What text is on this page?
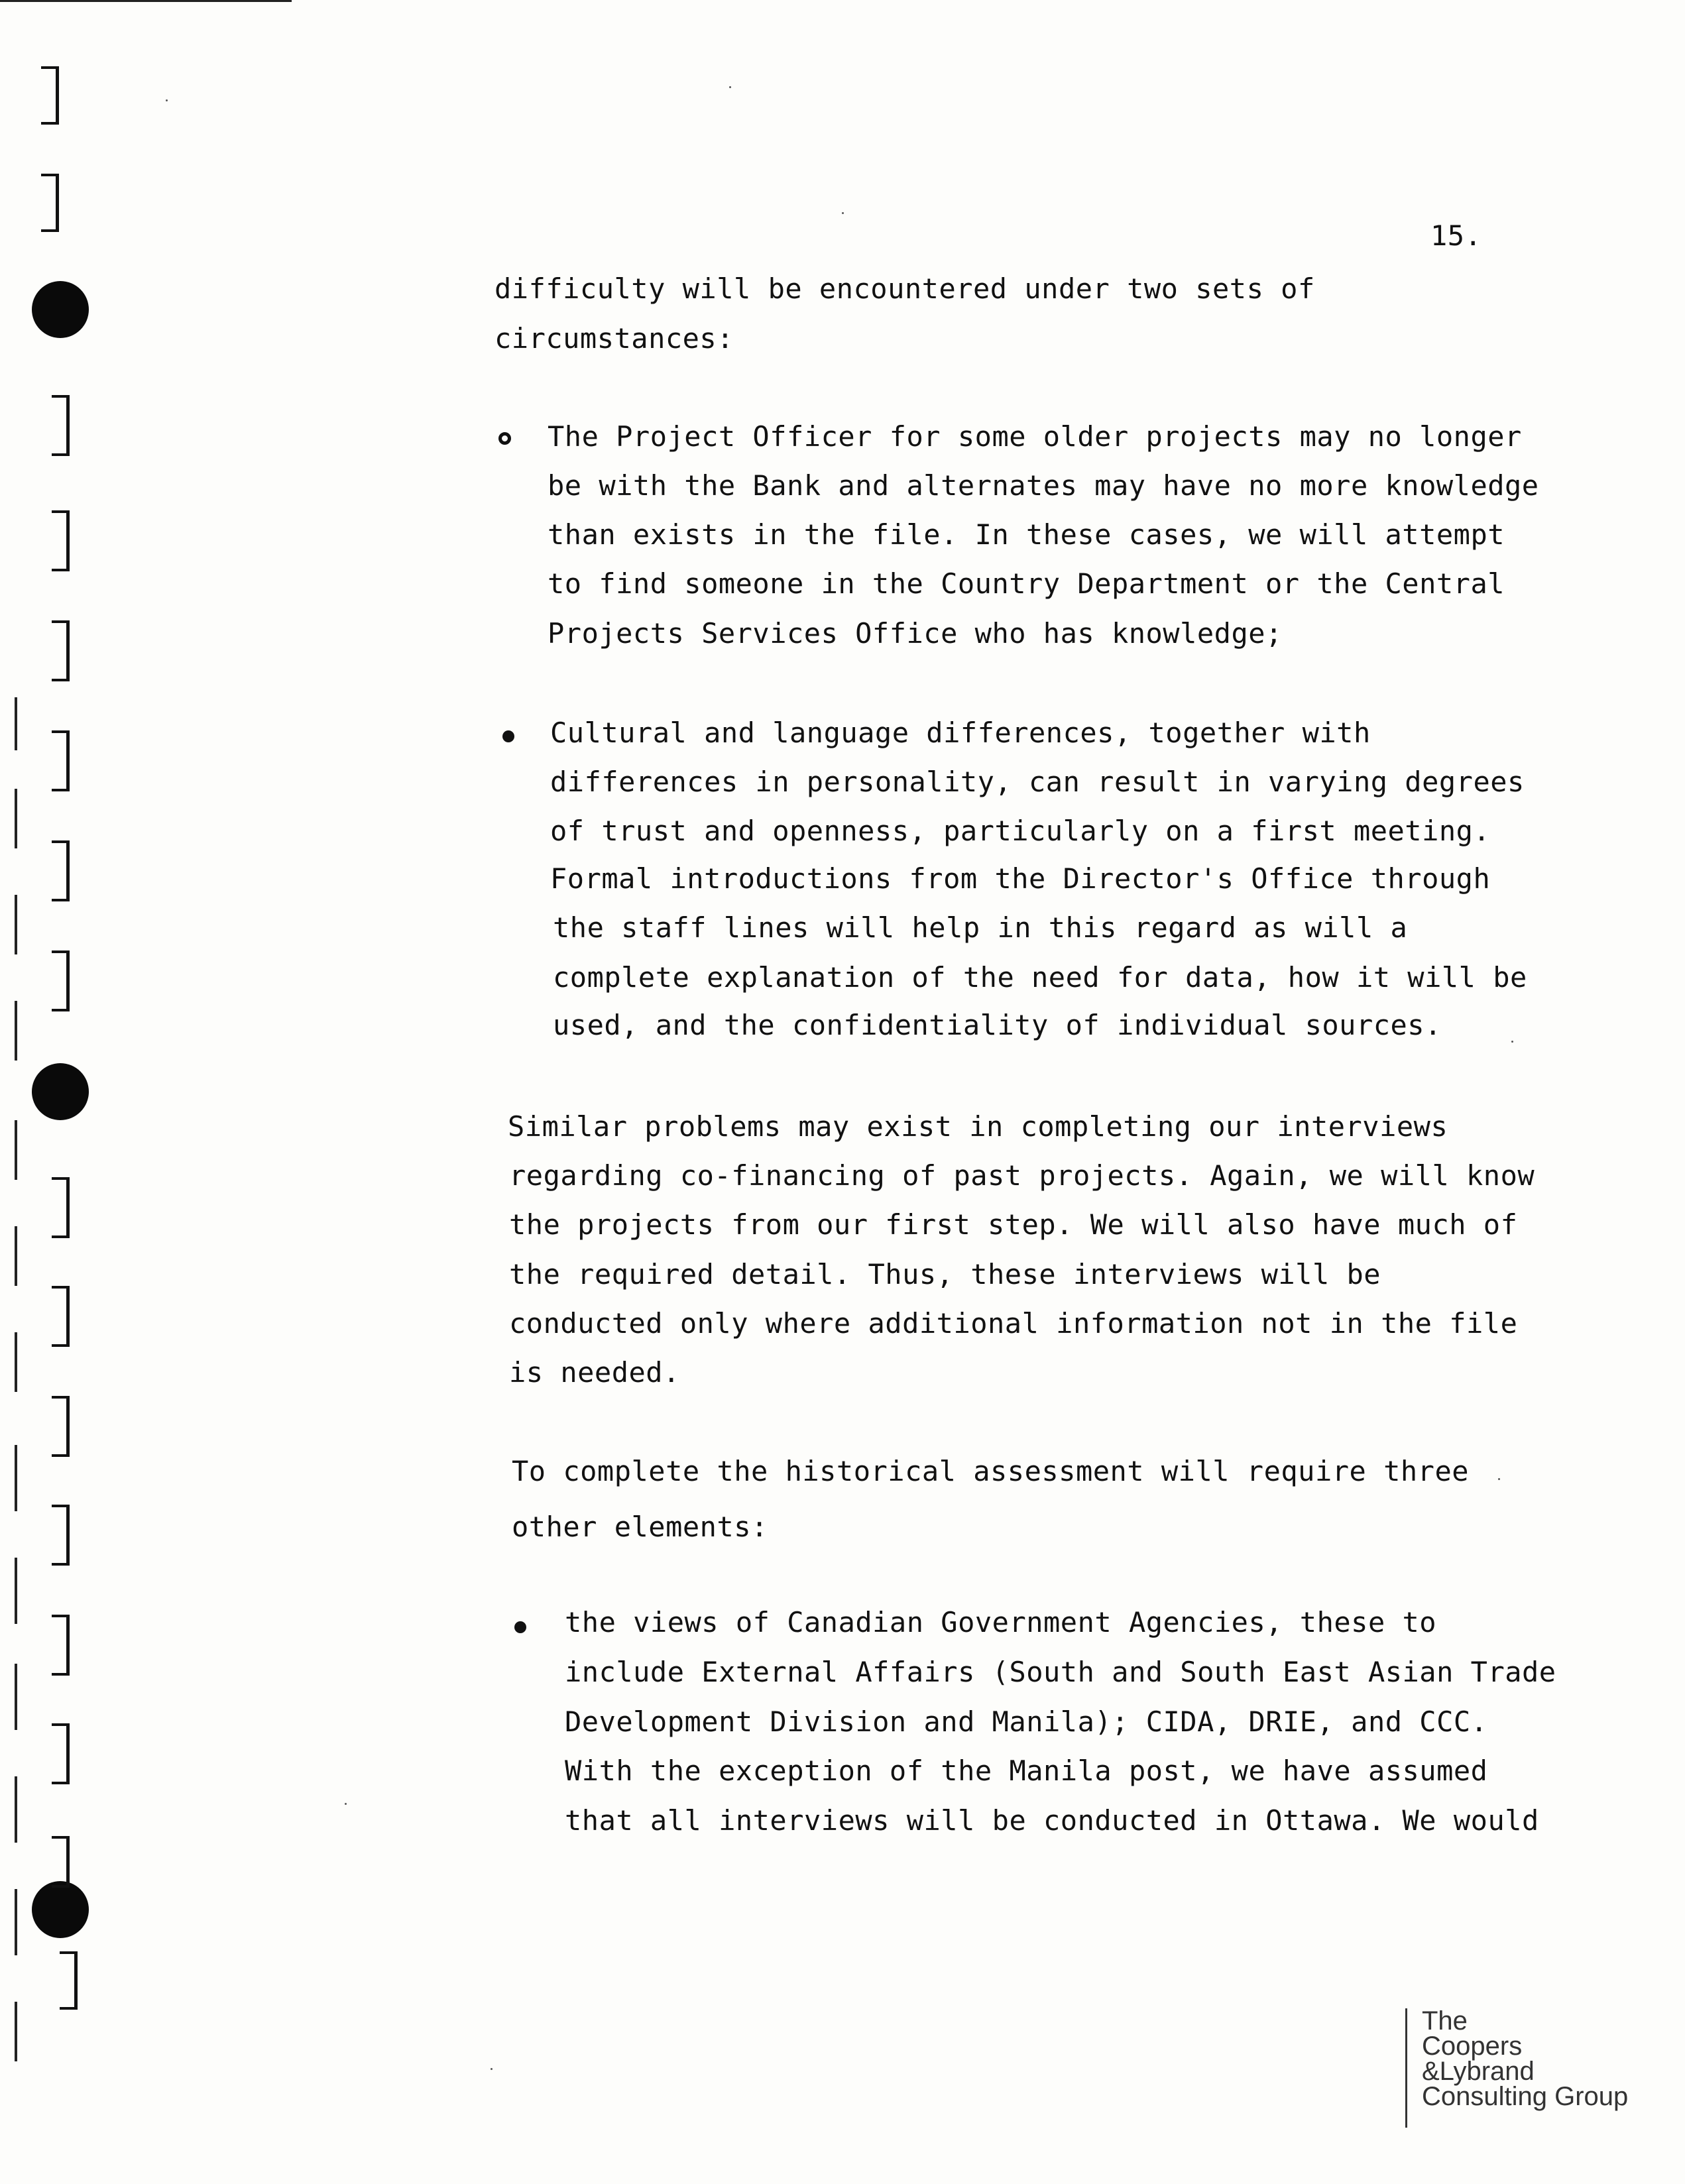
15.

difficulty will be encountered under two sets of

circumstances:

The Project Officer for some older projects may no longer

be with the Bank and alternates may have no more knowledge

than exists in the file. In these cases, we will attempt

to find someone in the Country Department or the Central

Projects Services Office who has knowledge;

Cultural and language differences, together with

differences in personality, can result in varying degrees

of trust and openness, particularly on a first meeting.

Formal introductions from the Director's Office through

the staff lines will help in this regard as will a

complete explanation of the need for data, how it will be

used, and the confidentiality of individual sources.

Similar problems may exist in completing our interviews

regarding co-financing of past projects. Again, we will know

the projects from our first step. We will also have much of

the required detail. Thus, these interviews will be

conducted only where additional information not in the file

is needed.

To complete the historical assessment will require three

other elements:

the views of Canadian Government Agencies, these to

include External Affairs (South and South East Asian Trade

Development Division and Manila); CIDA, DRIE, and CCC.

With the exception of the Manila post, we have assumed

that all interviews will be conducted in Ottawa. We would

The
Coopers
&Lybrand
Consulting Group
